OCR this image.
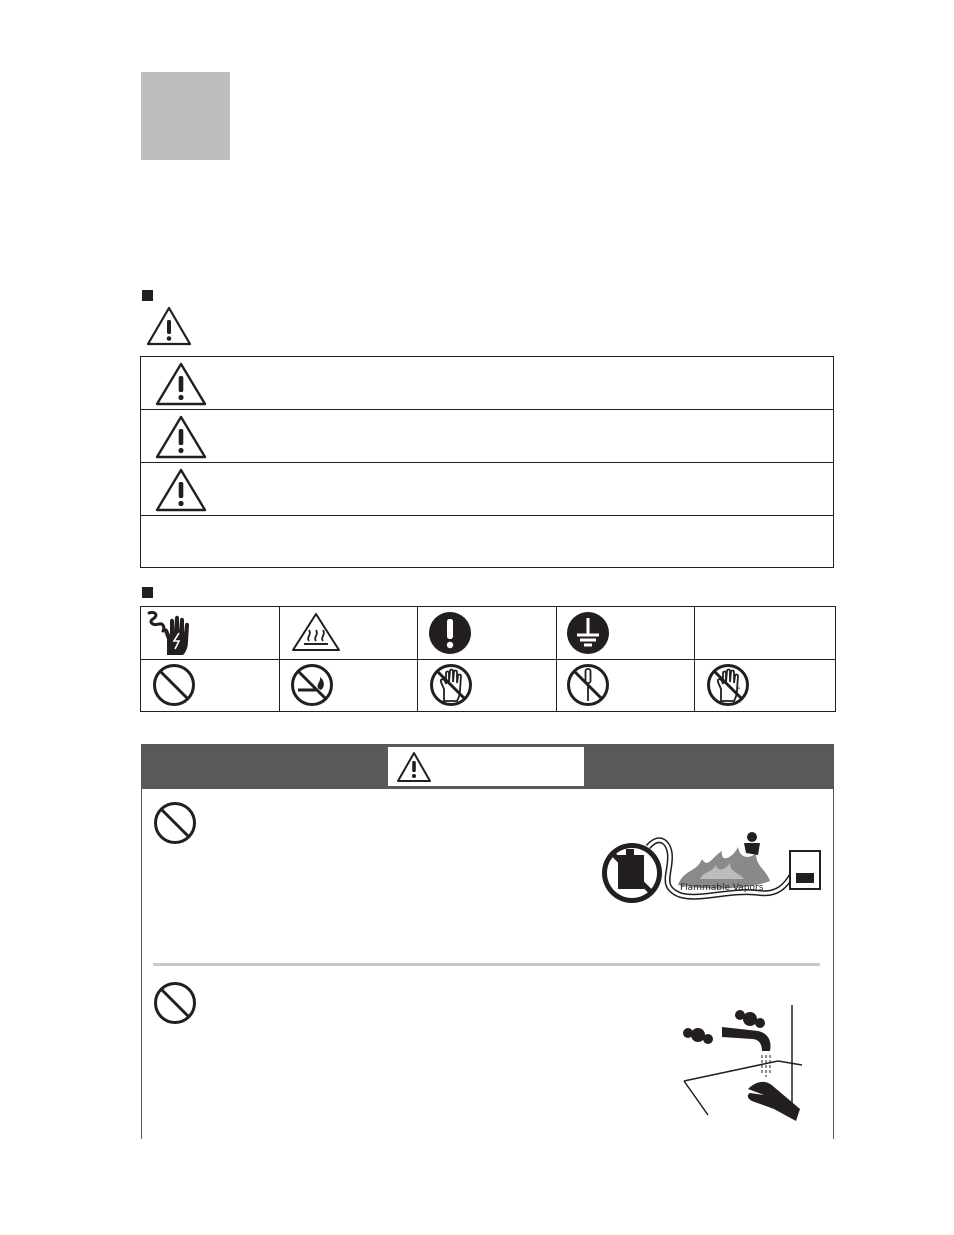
Flammable Vapors
